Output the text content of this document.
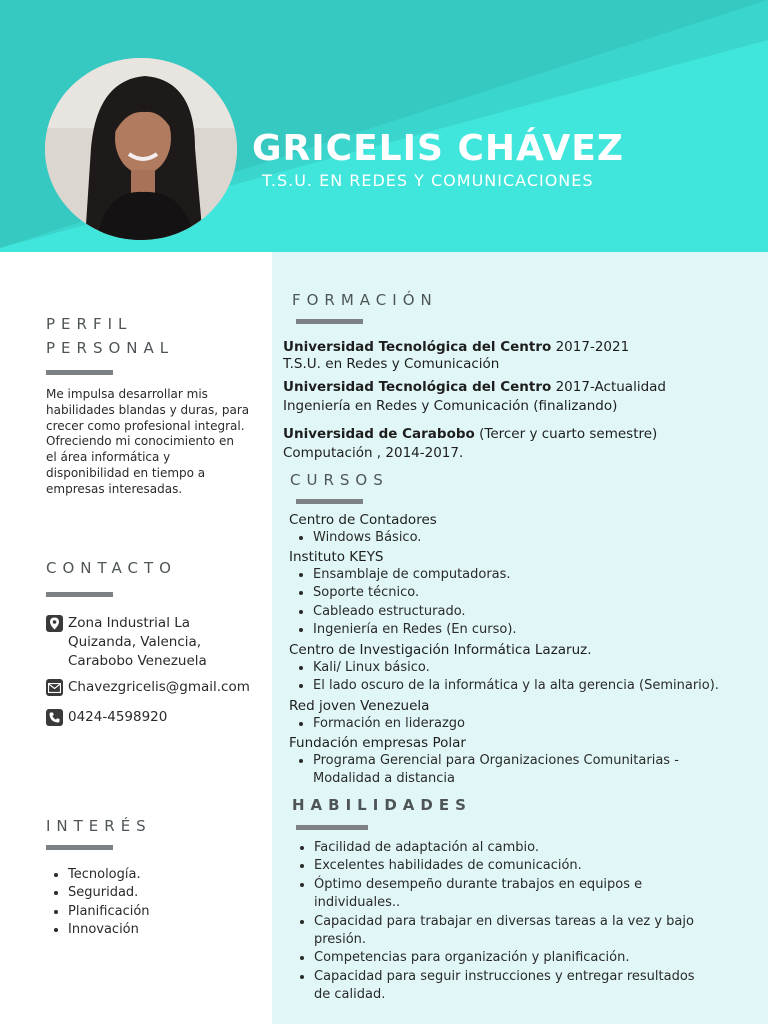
GRICELIS CHÁVEZ
T.S.U. EN REDES Y COMUNICACIONES
PERFIL
PERSONAL
Me impulsa desarrollar mis
habilidades blandas y duras, para
crecer como profesional integral.
Ofreciendo mi conocimiento en
el área informática y
disponibilidad en tiempo a
empresas interesadas.
CONTACTO
Zona Industrial La
Quizanda, Valencia,
Carabobo Venezuela
Chavezgricelis@gmail.com
0424-4598920
INTERÉS
• Tecnología.
• Seguridad.
• Planificación
• Innovación
FORMACIÓN
Universidad Tecnológica del Centro 2017-2021
T.S.U. en Redes y Comunicación
Universidad Tecnológica del Centro 2017-Actualidad
Ingeniería en Redes y Comunicación (finalizando)
Universidad de Carabobo (Tercer y cuarto semestre)
Computación , 2014-2017.
CURSOS
Centro de Contadores
• Windows Básico.
Instituto KEYS
• Ensamblaje de computadoras.
• Soporte técnico.
• Cableado estructurado.
• Ingeniería en Redes (En curso).
Centro de Investigación Informática Lazaruz.
• Kali/ Linux básico.
• El lado oscuro de la informática y la alta gerencia (Seminario).
Red joven Venezuela
• Formación en liderazgo
Fundación empresas Polar
• Programa Gerencial para Organizaciones Comunitarias -
Modalidad a distancia
HABILIDADES
• Facilidad de adaptación al cambio.
• Excelentes habilidades de comunicación.
• Óptimo desempeño durante trabajos en equipos e
individuales..
• Capacidad para trabajar en diversas tareas a la vez y bajo
presión.
• Competencias para organización y planificación.
• Capacidad para seguir instrucciones y entregar resultados
de calidad.
